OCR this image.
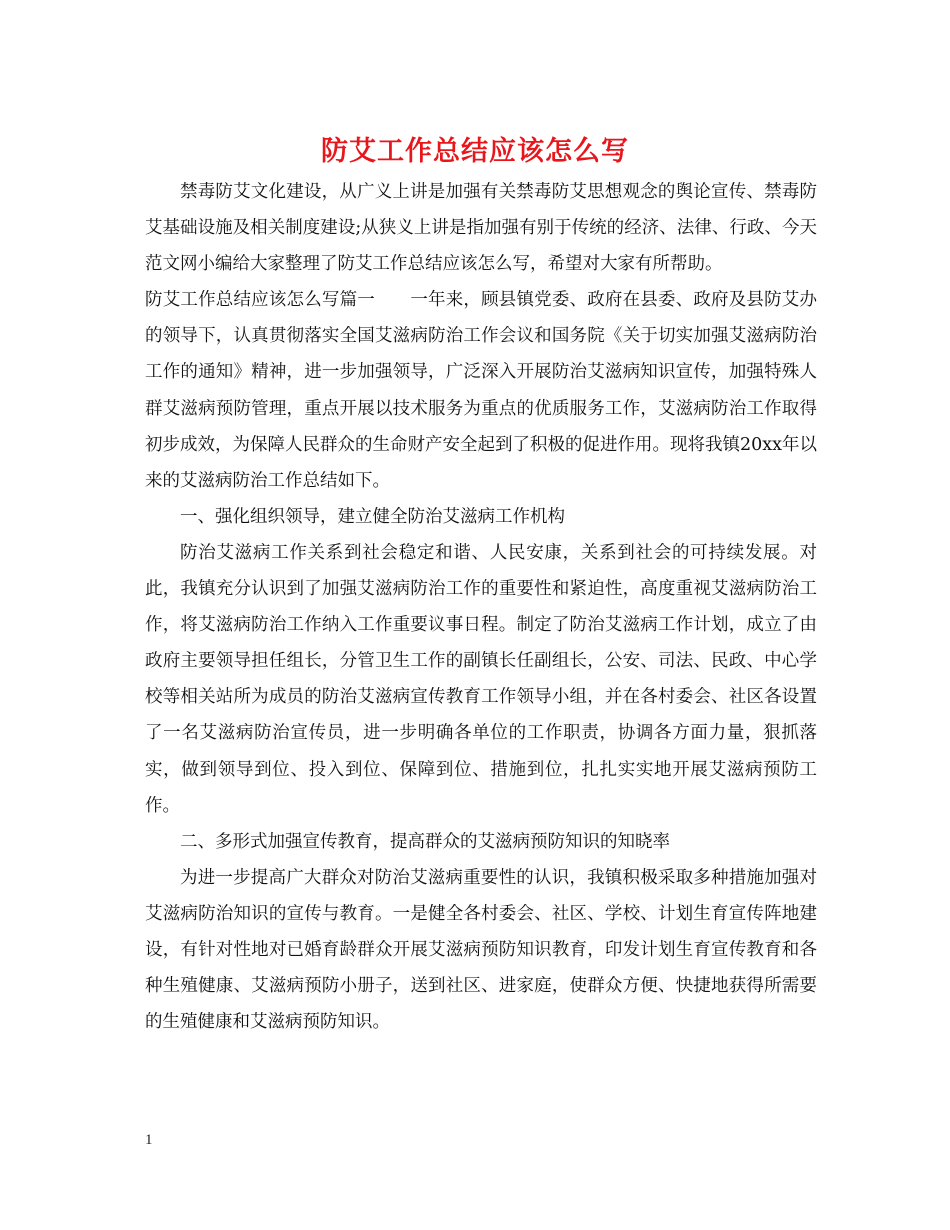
防艾工作总结应该怎么写

禁毒防艾文化建设，从广义上讲是加强有关禁毒防艾思想观念的舆论宣传、禁毒防艾基础设施及相关制度建设;从狭义上讲是指加强有别于传统的经济、法律、行政、今天范文网小编给大家整理了防艾工作总结应该怎么写，希望对大家有所帮助。

防艾工作总结应该怎么写篇一　　一年来，顾县镇党委、政府在县委、政府及县防艾办的领导下，认真贯彻落实全国艾滋病防治工作会议和国务院《关于切实加强艾滋病防治工作的通知》精神，进一步加强领导，广泛深入开展防治艾滋病知识宣传，加强特殊人群艾滋病预防管理，重点开展以技术服务为重点的优质服务工作，艾滋病防治工作取得初步成效，为保障人民群众的生命财产安全起到了积极的促进作用。现将我镇20xx年以来的艾滋病防治工作总结如下。

一、强化组织领导，建立健全防治艾滋病工作机构

防治艾滋病工作关系到社会稳定和谐、人民安康，关系到社会的可持续发展。对此，我镇充分认识到了加强艾滋病防治工作的重要性和紧迫性，高度重视艾滋病防治工作，将艾滋病防治工作纳入工作重要议事日程。制定了防治艾滋病工作计划，成立了由政府主要领导担任组长，分管卫生工作的副镇长任副组长，公安、司法、民政、中心学校等相关站所为成员的防治艾滋病宣传教育工作领导小组，并在各村委会、社区各设置了一名艾滋病防治宣传员，进一步明确各单位的工作职责，协调各方面力量，狠抓落实，做到领导到位、投入到位、保障到位、措施到位，扎扎实实地开展艾滋病预防工作。

二、多形式加强宣传教育，提高群众的艾滋病预防知识的知晓率

为进一步提高广大群众对防治艾滋病重要性的认识，我镇积极采取多种措施加强对艾滋病防治知识的宣传与教育。一是健全各村委会、社区、学校、计划生育宣传阵地建设，有针对性地对已婚育龄群众开展艾滋病预防知识教育，印发计划生育宣传教育和各种生殖健康、艾滋病预防小册子，送到社区、进家庭，使群众方便、快捷地获得所需要的生殖健康和艾滋病预防知识。

1
